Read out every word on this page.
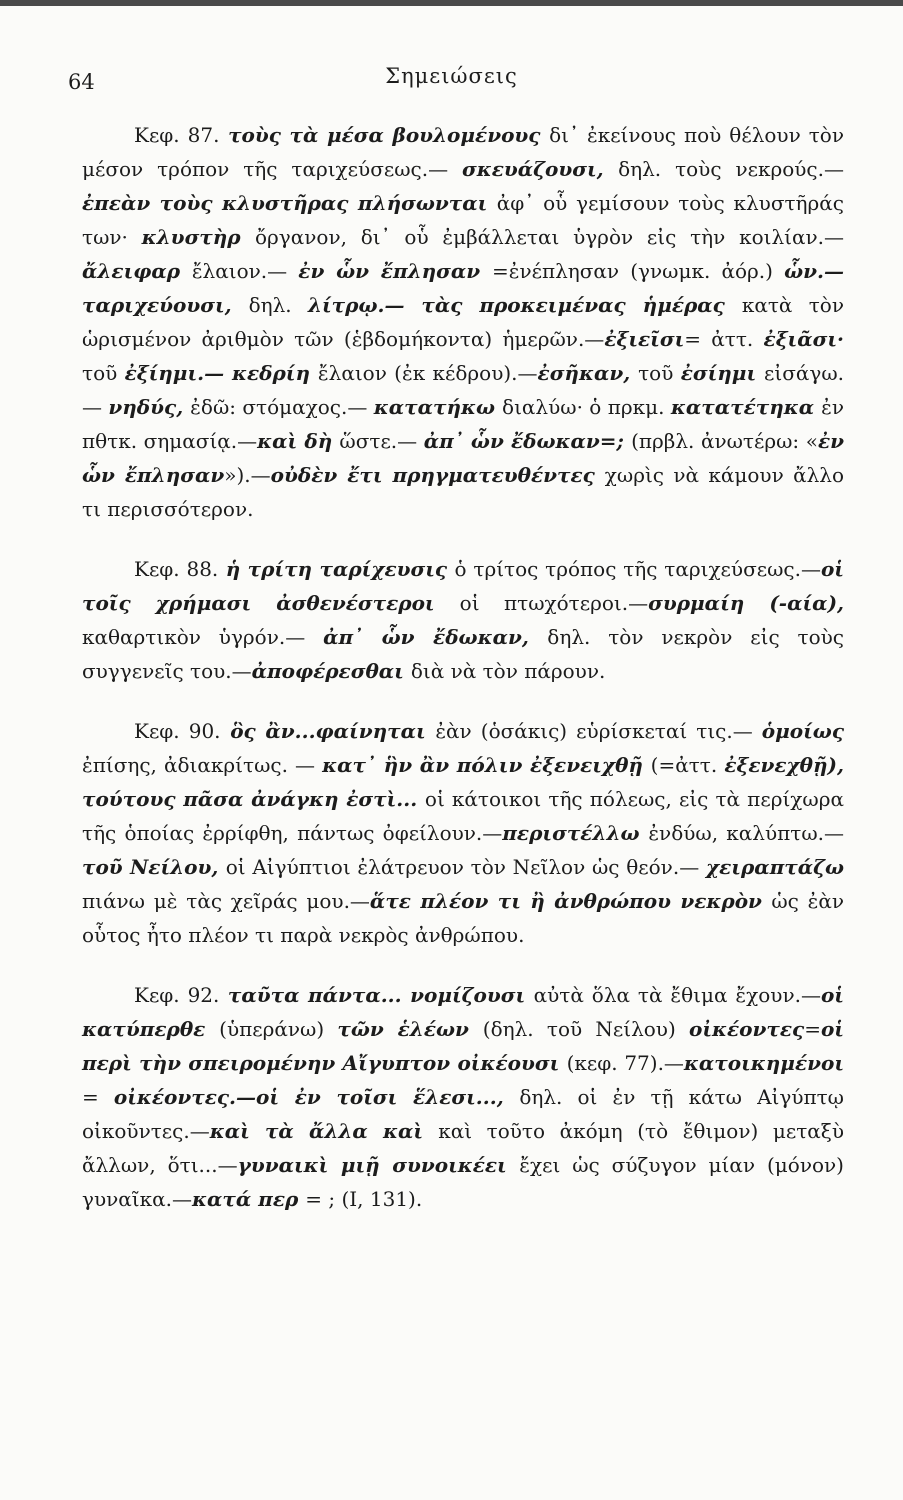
64	Σημειώσεις

Κεφ. 87. τοὺς τὰ μέσα βουλομένους δι᾽ ἐκείνους ποὺ θέλουν τὸν μέσον τρόπον τῆς ταριχεύσεως.— σκευάζουσι, δηλ. τοὺς νεκρούς.—ἐπεὰν τοὺς κλυστῆρας πλήσωνται ἀφ᾽ οὗ γεμίσουν τοὺς κλυστῆράς των· κλυστὴρ ὄργανον, δι᾽ οὗ ἐμβάλλεται ὑγρὸν εἰς τὴν κοιλίαν.—ἄλειφαρ ἔλαιον.— ἐν ὧν ἔπλησαν =ἐνέπλησαν (γνωμκ. ἀόρ.) ὧν.—ταριχεύουσι, δηλ. λίτρῳ.— τὰς προκειμένας ἡμέρας κατὰ τὸν ὡρισμένον ἀριθμὸν τῶν (ἑβδομήκοντα) ἡμερῶν.—ἐξιεῖσι= ἀττ. ἐξιᾶσι· τοῦ ἐξίημι.— κεδρίη ἔλαιον (ἐκ κέδρου).—ἐσῆκαν, τοῦ ἐσίημι εἰσάγω.— νηδύς, ἐδῶ: στόμαχος.— κατατήκω διαλύω· ὁ πρκμ. κατατέτηκα ἐν πθτκ. σημασίᾳ.—καὶ δὴ ὥστε.— ἀπ᾽ ὧν ἔδωκαν=; (πρβλ. ἀνωτέρω: «ἐν ὧν ἔπλησαν»).—οὐδὲν ἔτι πρηγματευθέντες χωρὶς νὰ κάμουν ἄλλο τι περισσότερον.

Κεφ. 88. ἡ τρίτη ταρίχευσις ὁ τρίτος τρόπος τῆς ταριχεύσεως.—οἱ τοῖς χρήμασι ἀσθενέστεροι οἱ πτωχότεροι.—συρμαίη (-αία), καθαρτικὸν ὑγρόν.— ἀπ᾽ ὧν ἔδωκαν, δηλ. τὸν νεκρὸν εἰς τοὺς συγγενεῖς του.—ἀποφέρεσθαι διὰ νὰ τὸν πάρουν.

Κεφ. 90. ὃς ἂν...φαίνηται ἐὰν (ὁσάκις) εὑρίσκεταί τις.— ὁμοίως ἐπίσης, ἀδιακρίτως. — κατ᾽ ἣν ἂν πόλιν ἐξενειχθῇ (=ἀττ. ἐξενεχθῇ), τούτους πᾶσα ἀνάγκη ἐστὶ... οἱ κάτοικοι τῆς πόλεως, εἰς τὰ περίχωρα τῆς ὁποίας ἐρρίφθη, πάντως ὀφείλουν.—περιστέλλω ἐνδύω, καλύπτω.— τοῦ Νείλου, οἱ Αἰγύπτιοι ἐλάτρευον τὸν Νεῖλον ὡς θεόν.— χειραπτάζω πιάνω μὲ τὰς χεῖράς μου.—ἅτε πλέον τι ἢ ἀνθρώπου νεκρὸν ὡς ἐὰν οὗτος ἦτο πλέον τι παρὰ νεκρὸς ἀνθρώπου.

Κεφ. 92. ταῦτα πάντα... νομίζουσι αὐτὰ ὅλα τὰ ἔθιμα ἔχουν.—οἱ κατύπερθε (ὑπεράνω) τῶν ἑλέων (δηλ. τοῦ Νείλου) οἰκέοντες=οἱ περὶ τὴν σπειρομένην Αἴγυπτον οἰκέουσι (κεφ. 77).—κατοικημένοι = οἰκέοντες.—οἱ ἐν τοῖσι ἕλεσι..., δηλ. οἱ ἐν τῇ κάτω Αἰγύπτῳ οἰκοῦντες.—καὶ τὰ ἄλλα καὶ καὶ τοῦτο ἀκόμη (τὸ ἔθιμον) μεταξὺ ἄλλων, ὅτι...—γυναικὶ μιῇ συνοικέει ἔχει ὡς σύζυγον μίαν (μόνον) γυναῖκα.—κατά περ = ; (I, 131).
